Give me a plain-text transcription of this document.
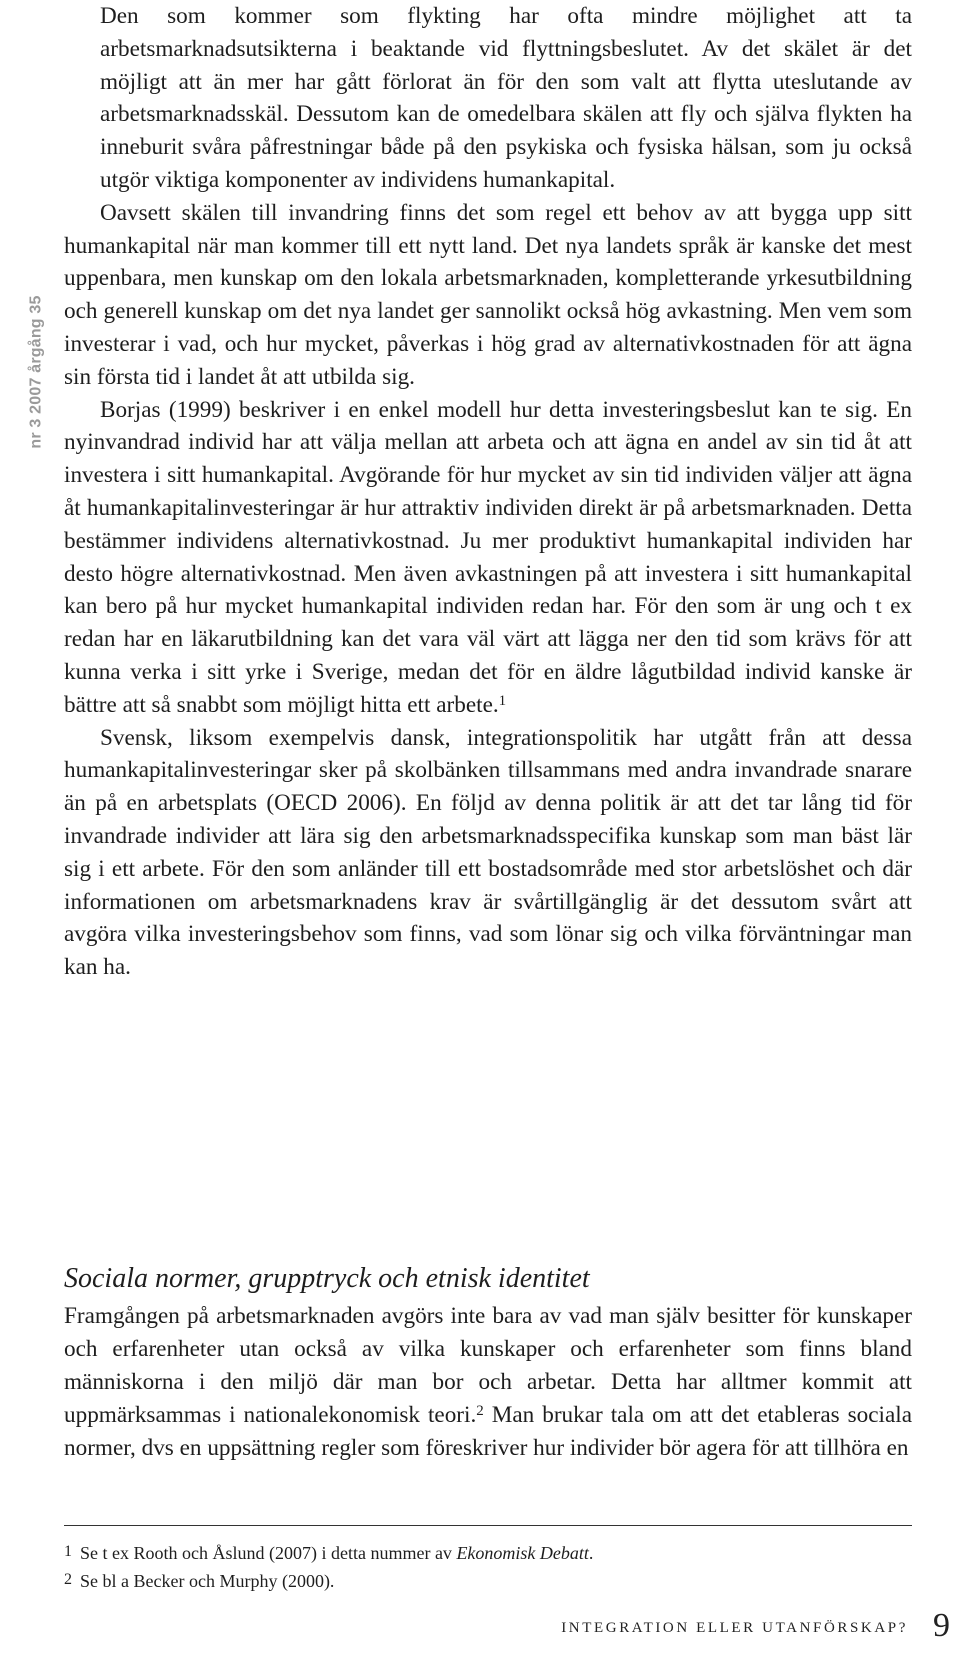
nr 3 2007 årgång 35

Den som kommer som flykting har ofta mindre möjlighet att ta arbetsmarknadsutsikterna i beaktande vid flyttningsbeslutet. Av det skälet är det möjligt att än mer har gått förlorat än för den som valt att flytta uteslutande av arbetsmarknadsskäl. Dessutom kan de omedelbara skälen att fly och själva flykten ha inneburit svåra påfrestningar både på den psykiska och fysiska hälsan, som ju också utgör viktiga komponenter av individens humankapital.

Oavsett skälen till invandring finns det som regel ett behov av att bygga upp sitt humankapital när man kommer till ett nytt land. Det nya landets språk är kanske det mest uppenbara, men kunskap om den lokala arbetsmarknaden, kompletterande yrkesutbildning och generell kunskap om det nya landet ger sannolikt också hög avkastning. Men vem som investerar i vad, och hur mycket, påverkas i hög grad av alternativkostnaden för att ägna sin första tid i landet åt att utbilda sig.

Borjas (1999) beskriver i en enkel modell hur detta investeringsbeslut kan te sig. En nyinvandrad individ har att välja mellan att arbeta och att ägna en andel av sin tid åt att investera i sitt humankapital. Avgörande för hur mycket av sin tid individen väljer att ägna åt humankapitalinvesteringar är hur attraktiv individen direkt är på arbetsmarknaden. Detta bestämmer individens alternativkostnad. Ju mer produktivt humankapital individen har desto högre alternativkostnad. Men även avkastningen på att investera i sitt humankapital kan bero på hur mycket humankapital individen redan har. För den som är ung och t ex redan har en läkarutbildning kan det vara väl värt att lägga ner den tid som krävs för att kunna verka i sitt yrke i Sverige, medan det för en äldre lågutbildad individ kanske är bättre att så snabbt som möjligt hitta ett arbete.$^1$

Svensk, liksom exempelvis dansk, integrationspolitik har utgått från att dessa humankapitalinvesteringar sker på skolbänken tillsammans med andra invandrade snarare än på en arbetsplats (OECD 2006). En följd av denna politik är att det tar lång tid för invandrade individer att lära sig den arbetsmarknadsspecifika kunskap som man bäst lär sig i ett arbete. För den som anländer till ett bostadsområde med stor arbetslöshet och där informationen om arbetsmarknadens krav är svårtillgänglig är det dessutom svårt att avgöra vilka investeringsbehov som finns, vad som lönar sig och vilka förväntningar man kan ha.

Sociala normer, grupptryck och etnisk identitet

Framgången på arbetsmarknaden avgörs inte bara av vad man själv besitter för kunskaper och erfarenheter utan också av vilka kunskaper och erfarenheter som finns bland människorna i den miljö där man bor och arbetar. Detta har alltmer kommit att uppmärksammas i nationalekonomisk teori.$^2$ Man brukar tala om att det etableras sociala normer, dvs en uppsättning regler som föreskriver hur individer bör agera för att tillhöra en

1 Se t ex Rooth och Åslund (2007) i detta nummer av Ekonomisk Debatt.

2 Se bl a Becker och Murphy (2000).

INTEGRATION ELLER UTANFÖRSKAP? 9
